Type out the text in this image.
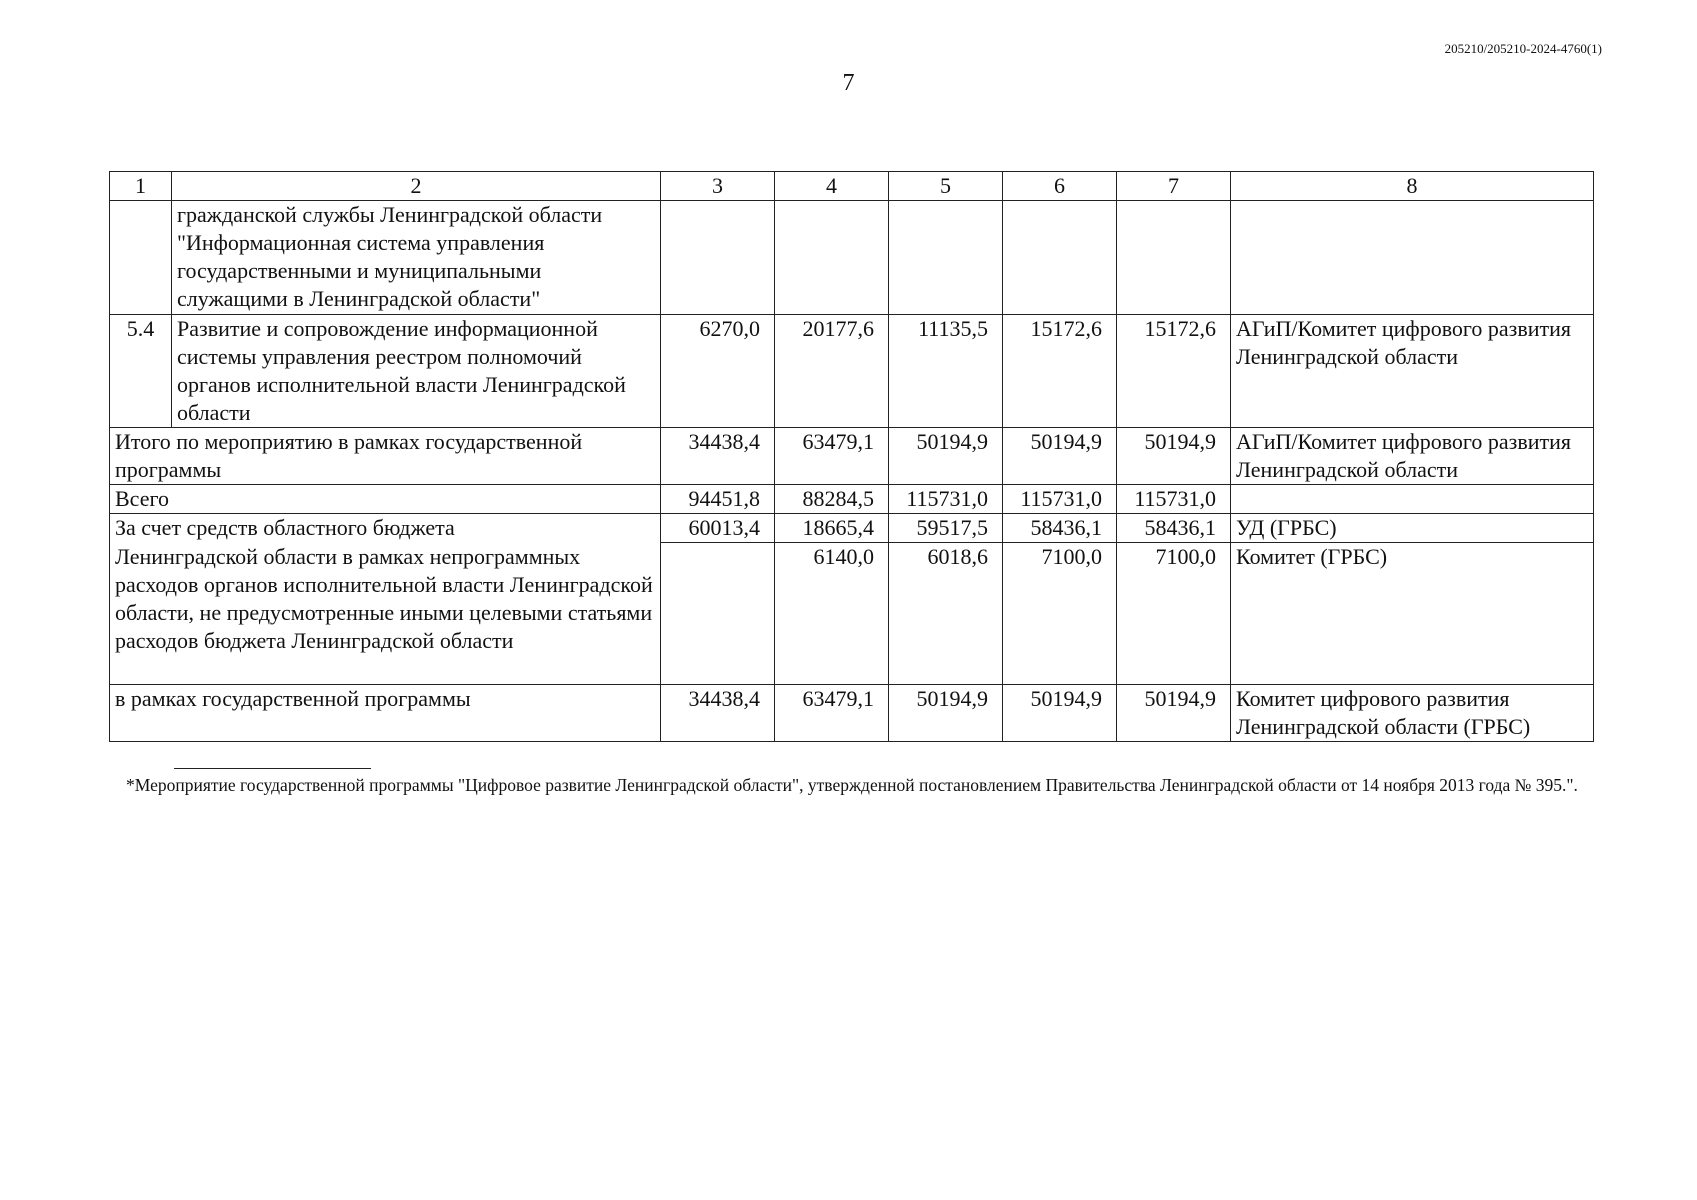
205210/205210-2024-4760(1)
7
1	2	3	4	5	6	7	8
	гражданской службы Ленинградской области "Информационная система управления государственными и муниципальными служащими в Ленинградской области"						
5.4	Развитие и сопровождение информационной системы управления реестром полномочий органов исполнительной власти Ленинградской области	6270,0	20177,6	11135,5	15172,6	15172,6	АГиП/Комитет цифрового развития Ленинградской области
Итого по мероприятию в рамках государственной программы		34438,4	63479,1	50194,9	50194,9	50194,9	АГиП/Комитет цифрового развития Ленинградской области
Всего		94451,8	88284,5	115731,0	115731,0	115731,0	
За счет средств областного бюджета		60013,4	18665,4	59517,5	58436,1	58436,1	УД (ГРБС)
Ленинградской области в рамках непрограммных расходов органов исполнительной власти Ленинградской области, не предусмотренные иными целевыми статьями расходов бюджета Ленинградской области			6140,0	6018,6	7100,0	7100,0	Комитет (ГРБС)
в рамках государственной программы		34438,4	63479,1	50194,9	50194,9	50194,9	Комитет цифрового развития Ленинградской области (ГРБС)
*Мероприятие государственной программы "Цифровое развитие Ленинградской области", утвержденной постановлением Правительства Ленинградской области от 14 ноября 2013 года № 395.".
